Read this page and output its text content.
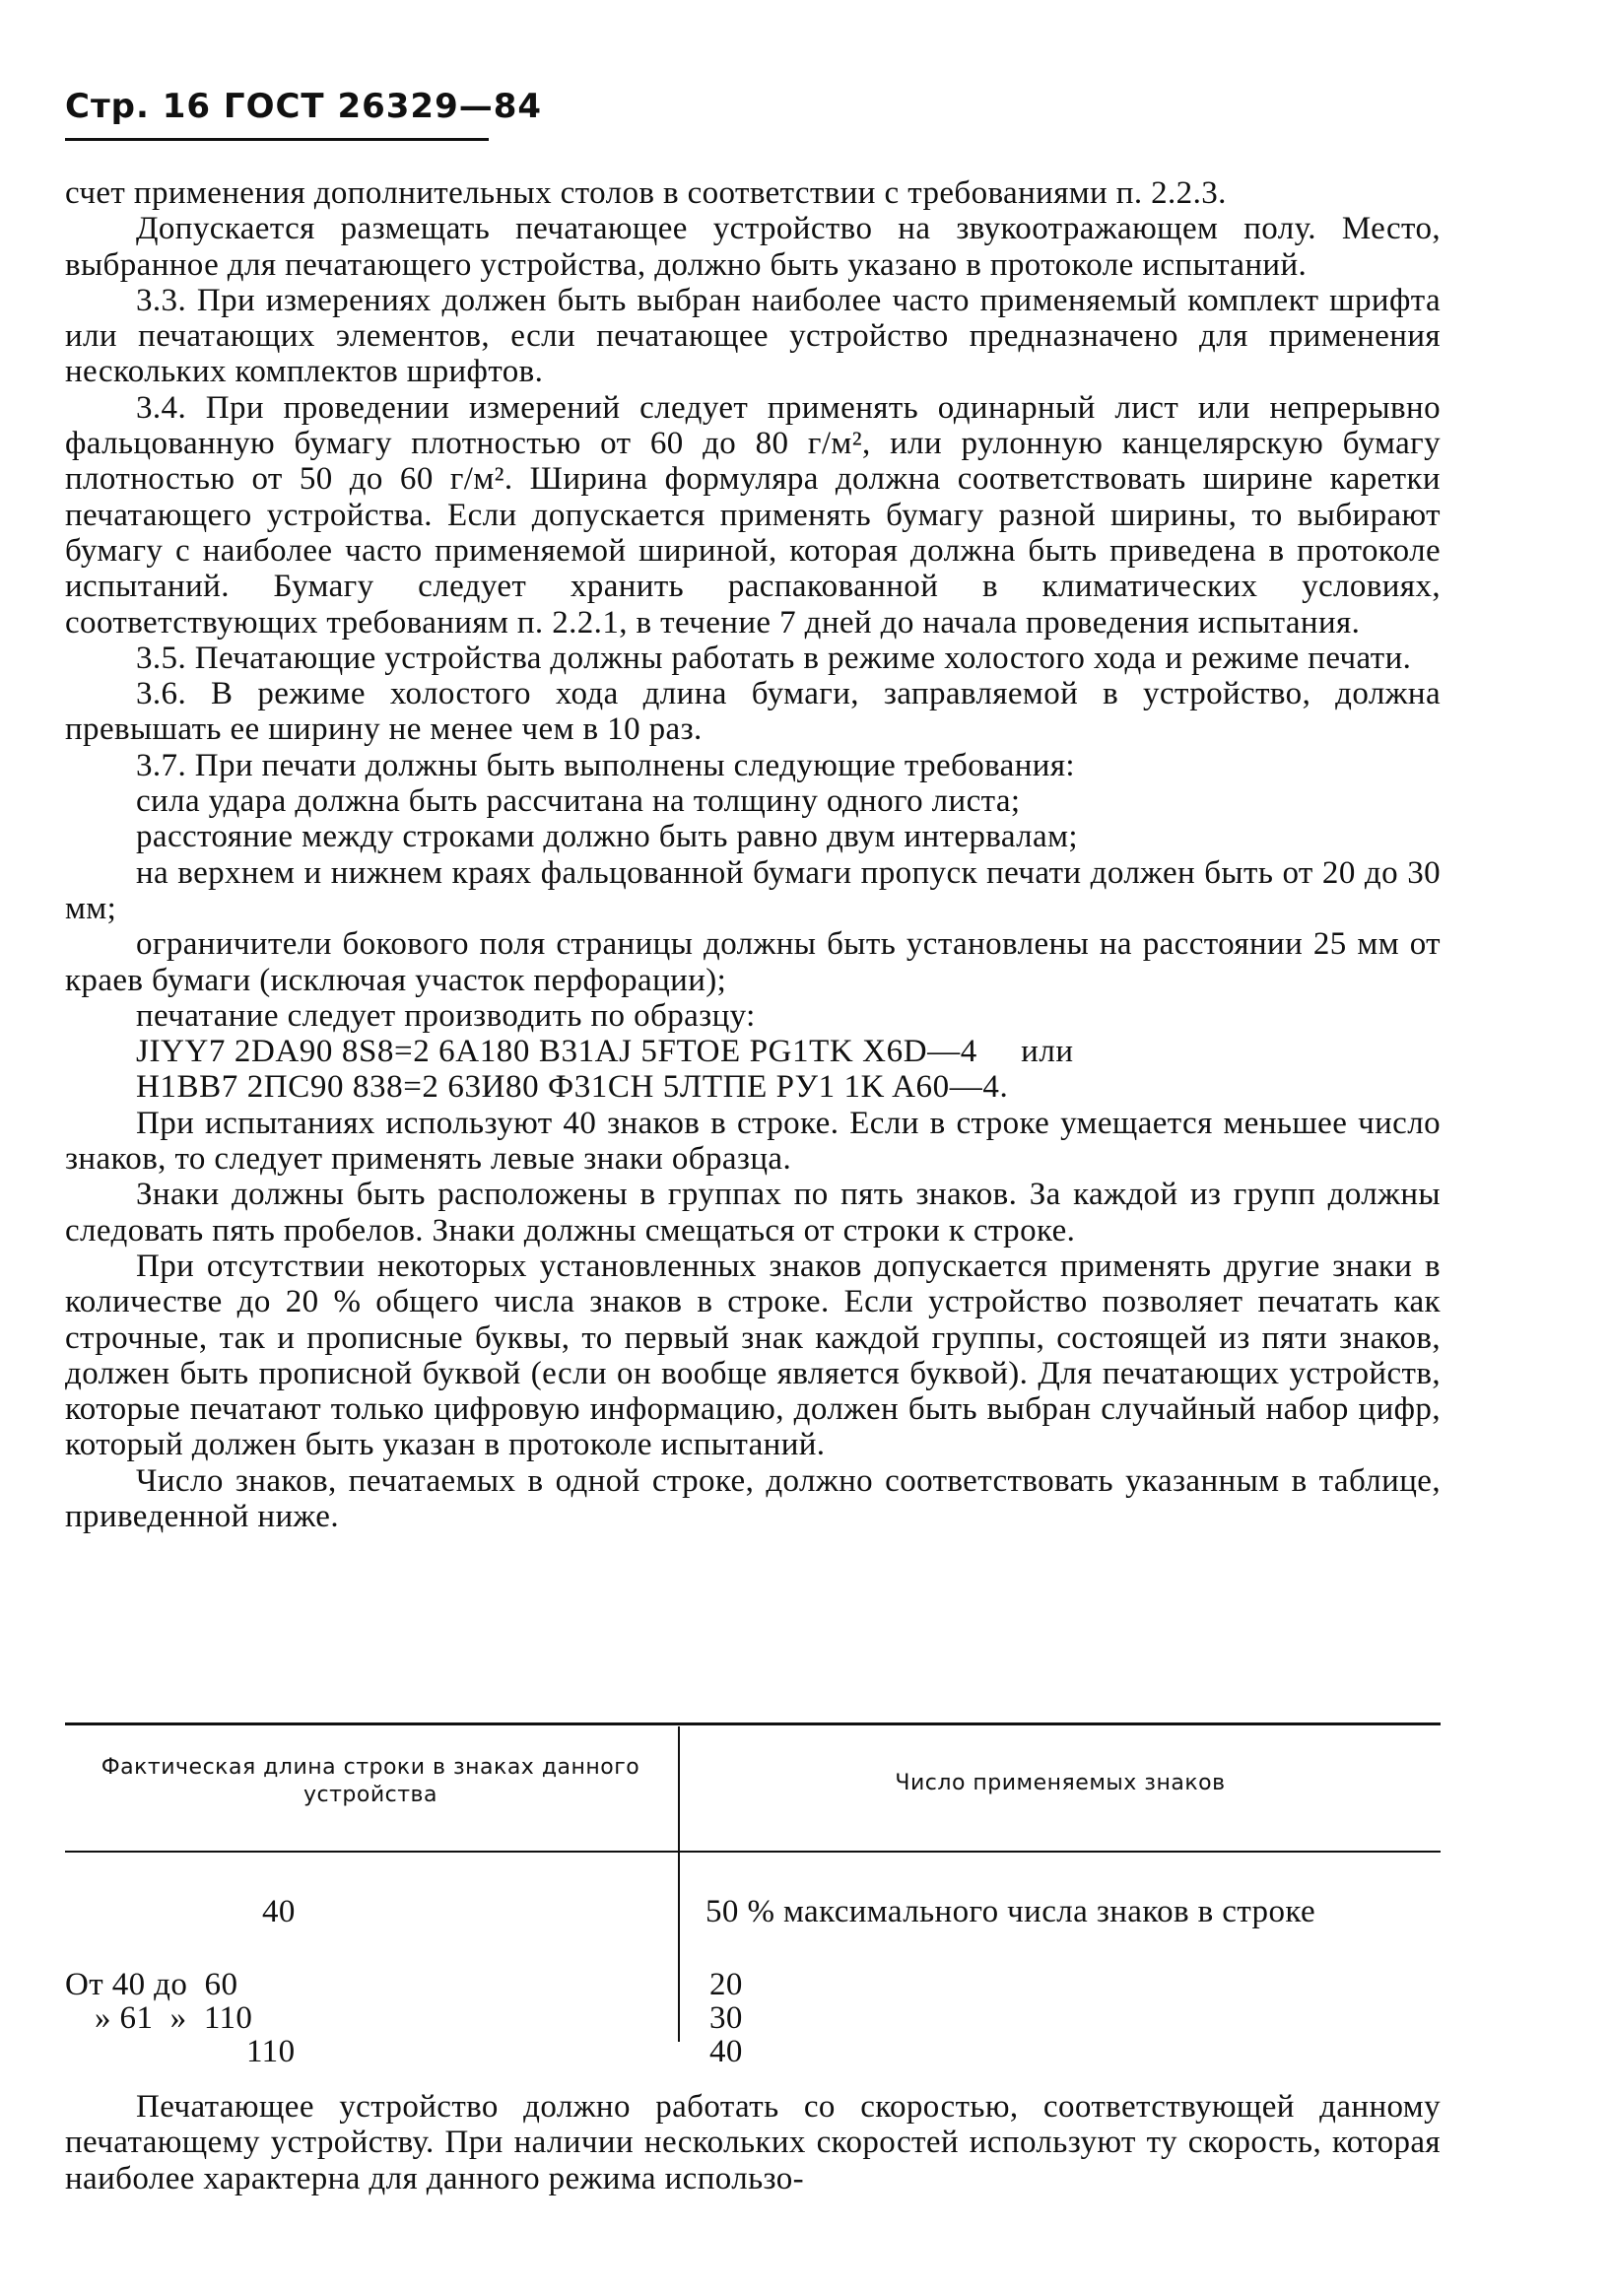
Стр. 16 ГОСТ 26329—84

счет применения дополнительных столов в соответствии с требованиями п. 2.2.3.

Допускается размещать печатающее устройство на звукоотражающем полу. Место, выбранное для печатающего устройства, должно быть указано в протоколе испытаний.

3.3. При измерениях должен быть выбран наиболее часто применяемый комплект шрифта или печатающих элементов, если печатающее устройство предназначено для применения нескольких комплектов шрифтов.

3.4. При проведении измерений следует применять одинарный лист или непрерывно фальцованную бумагу плотностью от 60 до 80 г/м², или рулонную канцелярскую бумагу плотностью от 50 до 60 г/м². Ширина формуляра должна соответствовать ширине каретки печатающего устройства. Если допускается применять бумагу разной ширины, то выбирают бумагу с наиболее часто применяемой шириной, которая должна быть приведена в протоколе испытаний. Бумагу следует хранить распакованной в климатических условиях, соответствующих требованиям п. 2.2.1, в течение 7 дней до начала проведения испытания.

3.5. Печатающие устройства должны работать в режиме холостого хода и режиме печати.

3.6. В режиме холостого хода длина бумаги, заправляемой в устройство, должна превышать ее ширину не менее чем в 10 раз.

3.7. При печати должны быть выполнены следующие требования:

сила удара должна быть рассчитана на толщину одного листа;

расстояние между строками должно быть равно двум интервалам;

на верхнем и нижнем краях фальцованной бумаги пропуск печати должен быть от 20 до 30 мм;

ограничители бокового поля страницы должны быть установлены на расстоянии 25 мм от краев бумаги (исключая участок перфорации);

печатание следует производить по образцу:

JIYY7 2DA90 8S8=2 6A180 B31AJ 5FTOE PG1TK X6D—4     или

H1BB7 2ПC90 838=2 63И80 Ф31CH 5ЛTПE PУ1 1K A60—4.

При испытаниях используют 40 знаков в строке. Если в строке умещается меньшее число знаков, то следует применять левые знаки образца.

Знаки должны быть расположены в группах по пять знаков. За каждой из групп должны следовать пять пробелов. Знаки должны смещаться от строки к строке.

При отсутствии некоторых установленных знаков допускается применять другие знаки в количестве до 20 % общего числа знаков в строке. Если устройство позволяет печатать как строчные, так и прописные буквы, то первый знак каждой группы, состоящей из пяти знаков, должен быть прописной буквой (если он вообще является буквой). Для печатающих устройств, которые печатают только цифровую информацию, должен быть выбран случайный набор цифр, который должен быть указан в протоколе испытаний.

Число знаков, печатаемых в одной строке, должно соответствовать указанным в таблице, приведенной ниже.

Фактическая длина строки в знаках данного устройства	Число применяемых знаков
40	50 % максимального числа знаков в строке
От 40 до  60	20
» 61  »  110	30
110	40

Печатающее устройство должно работать со скоростью, соответствующей данному печатающему устройству. При наличии нескольких скоростей используют ту скорость, которая наиболее характерна для данного режима использо-
